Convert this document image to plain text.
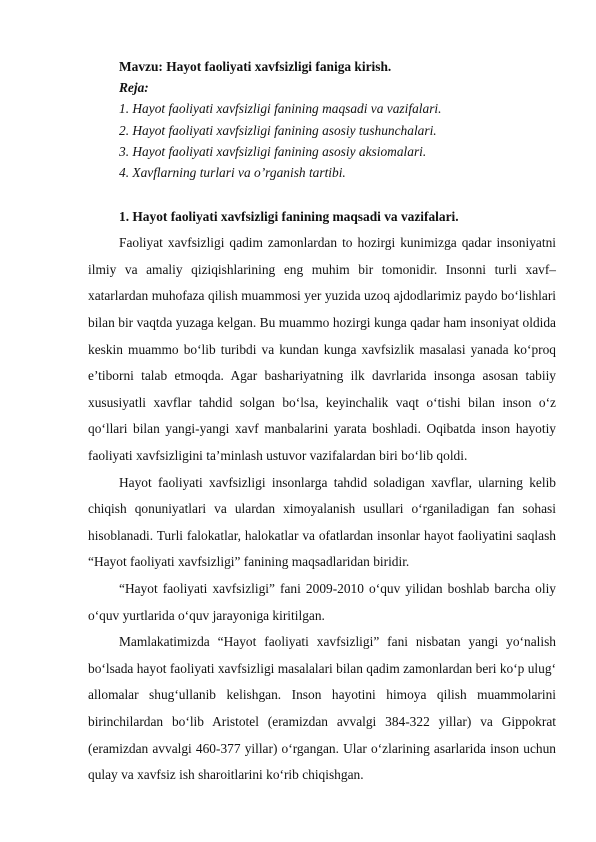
Mavzu: Hayot faoliyati xavfsizligi faniga kirish.
Reja:
1. Hayot faoliyati xavfsizligi fanining maqsadi va vazifalari.
2. Hayot faoliyati xavfsizligi fanining asosiy tushunchalari.
3. Hayot faoliyati xavfsizligi fanining asosiy aksiomalari.
4. Xavflarning turlari va o’rganish tartibi.
1. Hayot faoliyati xavfsizligi fanining maqsadi va vazifalari.

Faoliyat xavfsizligi qadim zamonlardan to hozirgi kunimizga qadar insoniyatni ilmiy va amaliy qiziqishlarining eng muhim bir tomonidir. Insonni turli xavf–xatarlardan muhofaza qilish muammosi yer yuzida uzoq ajdodlarimiz paydo bo‘lishlari bilan bir vaqtda yuzaga kelgan. Bu muammo hozirgi kunga qadar ham insoniyat oldida keskin muammo bo‘lib turibdi va kundan kunga xavfsizlik masalasi yanada ko‘proq e’tiborni talab etmoqda. Agar bashariyatning ilk davrlarida insonga asosan tabiiy xususiyatli xavflar tahdid solgan bo‘lsa, keyinchalik vaqt o‘tishi bilan inson o‘z qo‘llari bilan yangi-yangi xavf manbalarini yarata boshladi. Oqibatda inson hayotiy faoliyati xavfsizligini ta’minlash ustuvor vazifalardan biri bo‘lib qoldi.

Hayot faoliyati xavfsizligi insonlarga tahdid soladigan xavflar, ularning kelib chiqish qonuniyatlari va ulardan ximoyalanish usullari o‘rganiladigan fan sohasi hisoblanadi. Turli falokatlar, halokatlar va ofatlardan insonlar hayot faoliyatini saqlash “Hayot faoliyati xavfsizligi” fanining maqsadlaridan biridir.

“Hayot faoliyati xavfsizligi” fani 2009-2010 o‘quv yilidan boshlab barcha oliy o‘quv yurtlarida o‘quv jarayoniga kiritilgan.

Mamlakatimizda “Hayot faoliyati xavfsizligi” fani nisbatan yangi yo‘nalish bo‘lsada hayot faoliyati xavfsizligi masalalari bilan qadim zamonlardan beri ko‘p ulug‘ allomalar shug‘ullanib kelishgan. Inson hayotini himoya qilish muammolarini birinchilardan bo‘lib Aristotel (eramizdan avvalgi 384-322 yillar) va Gippokrat (eramizdan avvalgi 460-377 yillar) o‘rgangan. Ular o‘zlarining asarlarida inson uchun qulay va xavfsiz ish sharoitlarini ko‘rib chiqishgan.
